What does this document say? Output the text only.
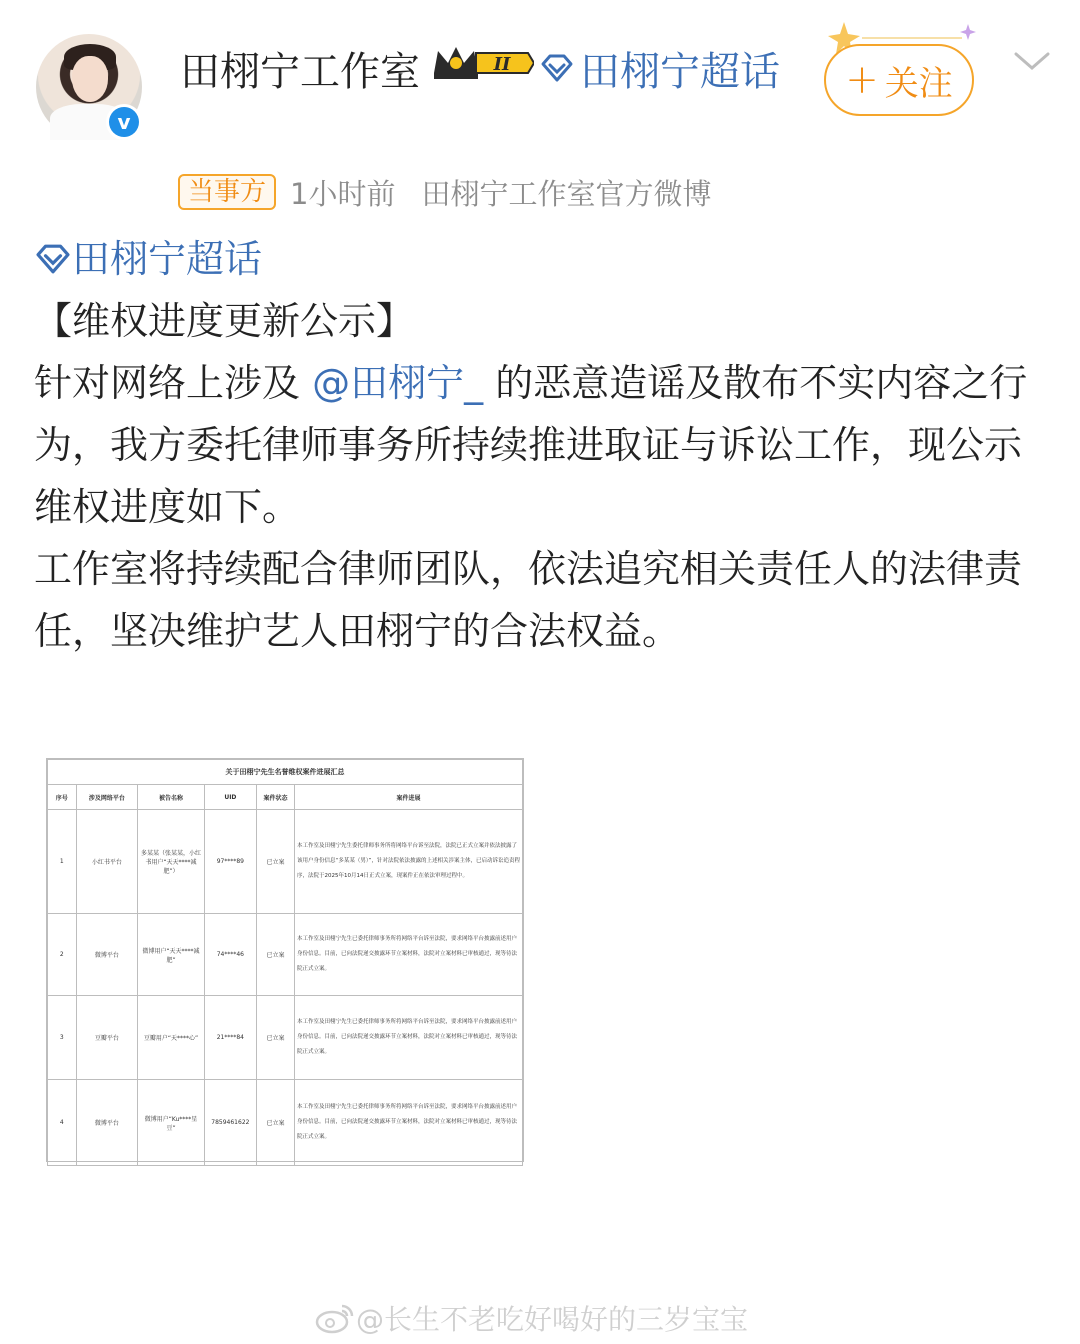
v
田栩宁工作室	II 田栩宁超话	+ 关注
当事方 1小时前 田栩宁工作室官方微博

田栩宁超话

【维权进度更新公示】

针对网络上涉及 @田栩宁_ 的恶意造谣及散布不实内容之行为，我方委托律师事务所持续推进取证与诉讼工作，现公示维权进度如下。

工作室将持续配合律师团队，依法追究相关责任人的法律责任，坚决维护艺人田栩宁的合法权益。

关于田栩宁先生名誉维权案件进展汇总					
序号	涉及网络平台	被告名称	UID	案件状态	案件进展
1	小红书平台	多某某（张某某，小红书用户“天天****减肥”）	97****89	已立案	本工作室及田栩宁先生委托律师事务所将网络平台诉至法院，法院已正式立案并依法披露了该用户身份信息“多某某（男）”，针对法院依法披露的上述相关涉案主体，已启动诉讼追责程序，法院于2025年10月14日正式立案，现案件正在依法审理过程中。
2	微博平台	微博用户“天天****减肥”	74****46	已立案	本工作室及田栩宁先生已委托律师事务所将网络平台诉至法院，要求网络平台披露前述用户身份信息。目前，已向法院递交披露环节立案材料，法院对立案材料已审核通过，现等待法院正式立案。
3	豆瓣平台	豆瓣用户“天****心”	21****84	已立案	本工作室及田栩宁先生已委托律师事务所将网络平台诉至法院，要求网络平台披露前述用户身份信息。目前，已向法院递交披露环节立案材料，法院对立案材料已审核通过，现等待法院正式立案。
4	微博平台	微博用户“Ku****星豆”	7859461622	已立案	本工作室及田栩宁先生已委托律师事务所将网络平台诉至法院，要求网络平台披露前述用户身份信息。目前，已向法院递交披露环节立案材料，法院对立案材料已审核通过，现等待法院正式立案。
@长生不老吃好喝好的三岁宝宝
